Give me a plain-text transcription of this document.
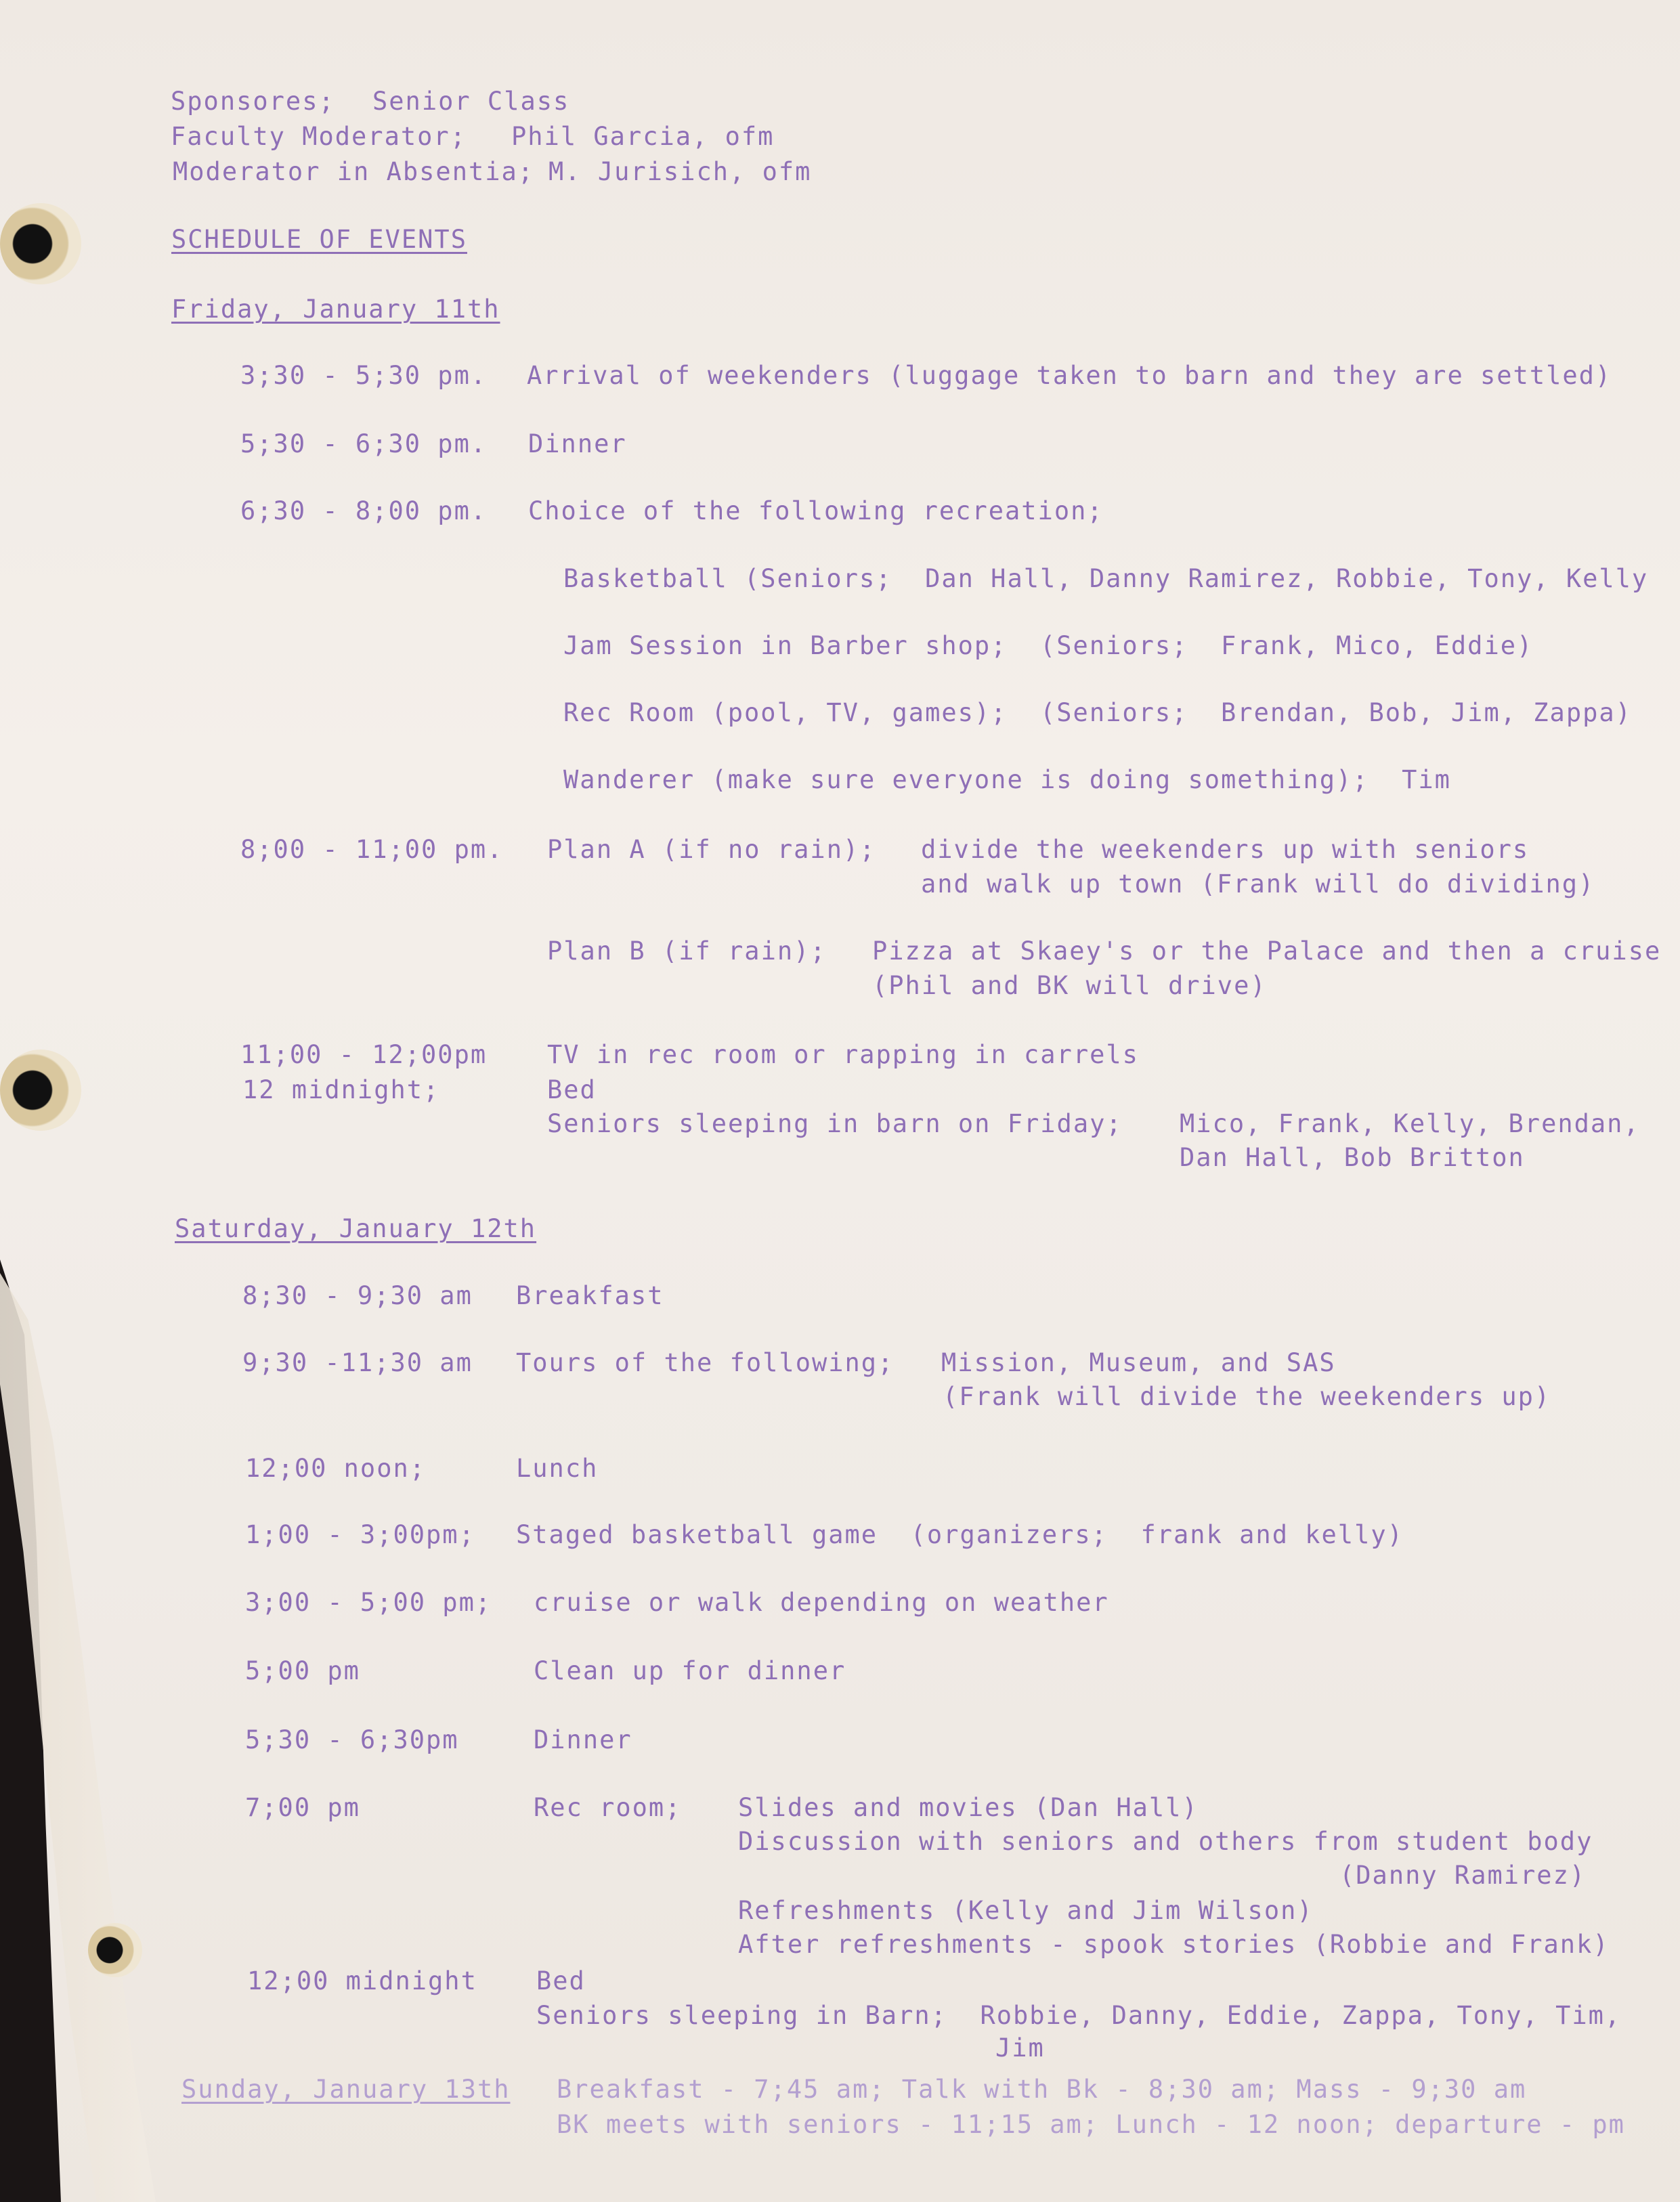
Sponsores; Senior Class
Faculty Moderator; Phil Garcia, ofm
Moderator in Absentia; M. Jurisich, ofm
SCHEDULE OF EVENTS
Friday, January 11th
3;30 - 5;30 pm. Arrival of weekenders (luggage taken to barn and they are settled)
5;30 - 6;30 pm. Dinner
6;30 - 8;00 pm. Choice of the following recreation;
Basketball (Seniors;  Dan Hall, Danny Ramirez, Robbie, Tony, Kelly
Jam Session in Barber shop;  (Seniors;  Frank, Mico, Eddie)
Rec Room (pool, TV, games);  (Seniors;  Brendan, Bob, Jim, Zappa)
Wanderer (make sure everyone is doing something);  Tim
8;00 - 11;00 pm. Plan A (if no rain); divide the weekenders up with seniors
and walk up town (Frank will do dividing)
Plan B (if rain); Pizza at Skaey's or the Palace and then a cruise
(Phil and BK will drive)
11;00 - 12;00pm TV in rec room or rapping in carrels
12 midnight;	Bed
Seniors sleeping in barn on Friday; Mico, Frank, Kelly, Brendan,
Dan Hall, Bob Britton
Saturday, January 12th
8;30 - 9;30 am Breakfast
9;30 -11;30 am Tours of the following; Mission, Museum, and SAS
(Frank will divide the weekenders up)
12;00 noon;	Lunch
1;00 - 3;00pm; Staged basketball game  (organizers;  frank and kelly)
3;00 - 5;00 pm; cruise or walk depending on weather
5;00 pm	Clean up for dinner
5;30 - 6;30pm	Dinner
7;00 pm	Rec room; Slides and movies (Dan Hall)
Discussion with seniors and others from student body
(Danny Ramirez)
Refreshments (Kelly and Jim Wilson)
After refreshments - spook stories (Robbie and Frank)
12;00 midnight Bed
Seniors sleeping in Barn;  Robbie, Danny, Eddie, Zappa, Tony, Tim,
Jim
Sunday, January 13th Breakfast - 7;45 am; Talk with Bk - 8;30 am; Mass - 9;30 am
BK meets with seniors - 11;15 am; Lunch - 12 noon; departure - pm
